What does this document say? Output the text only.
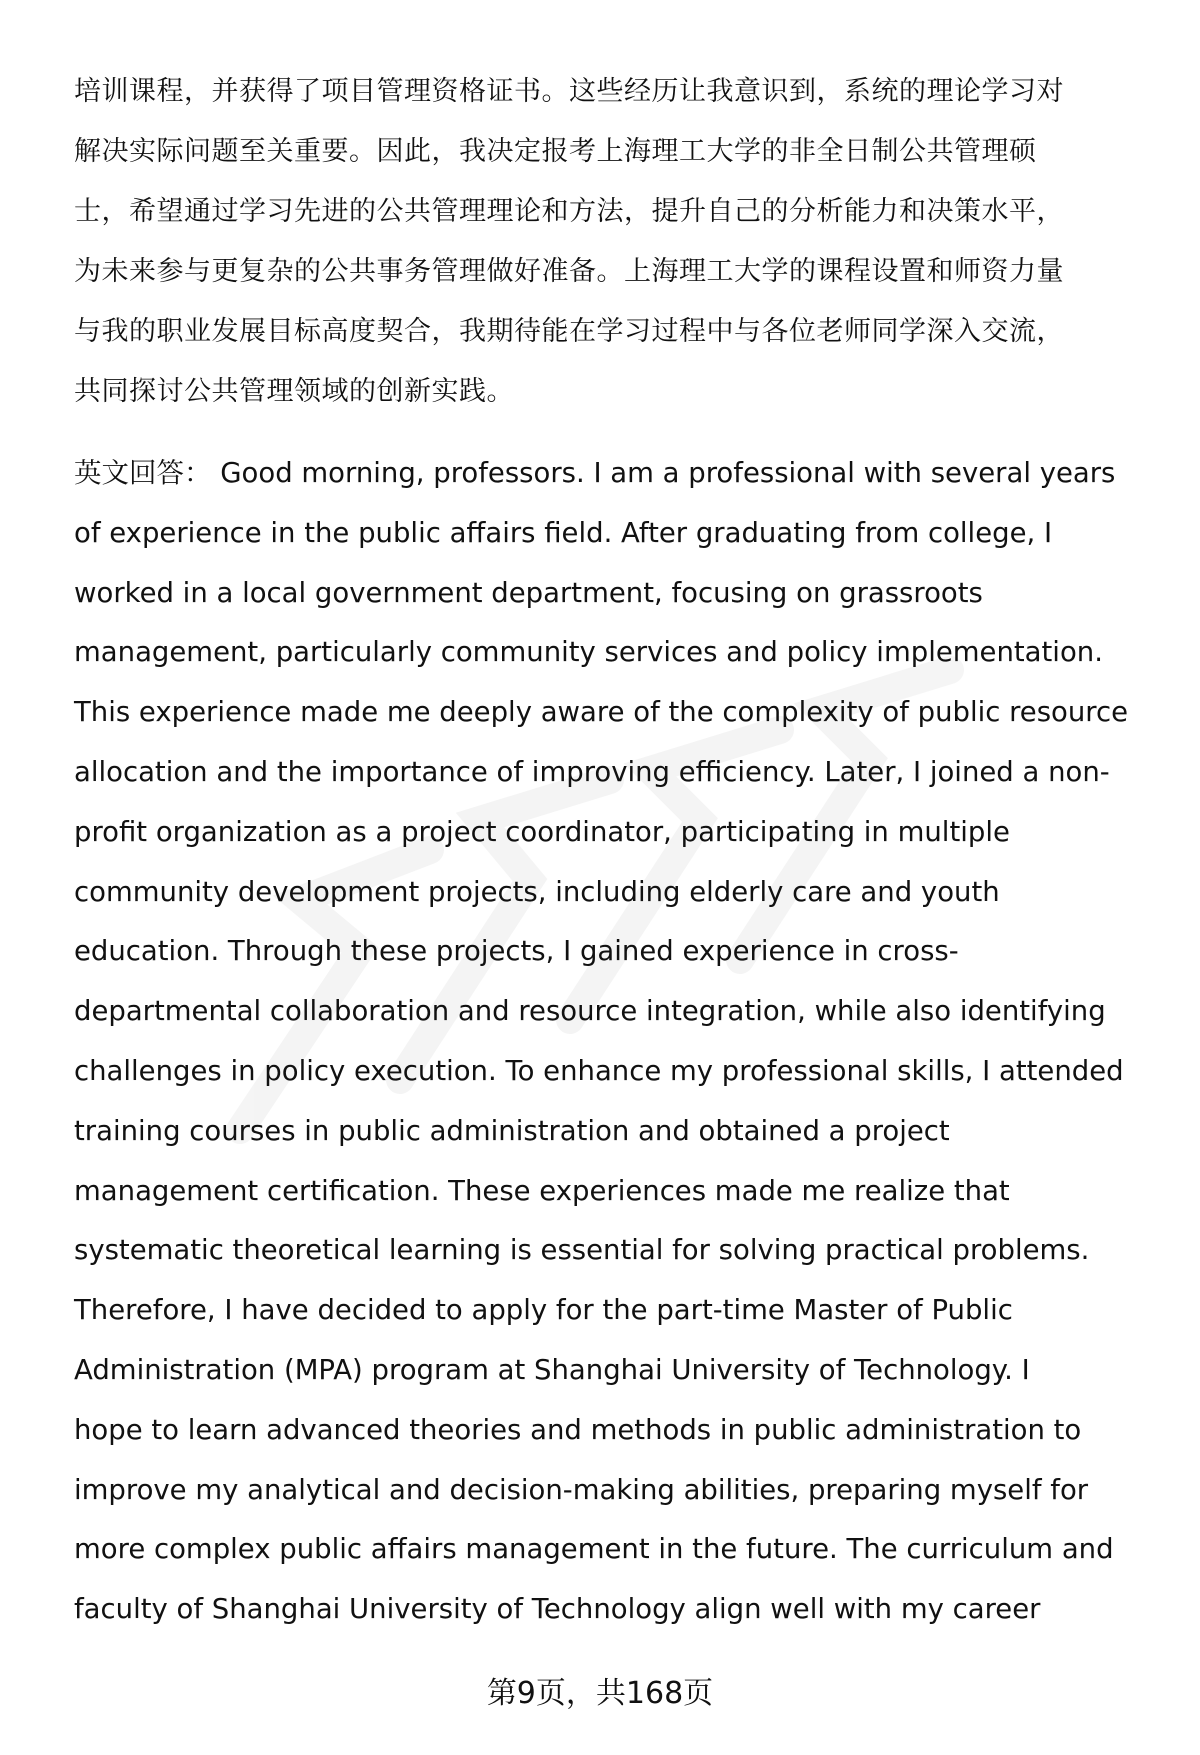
培训课程，并获得了项目管理资格证书。这些经历让我意识到，系统的理论学习对
解决实际问题至关重要。因此，我决定报考上海理工大学的非全日制公共管理硕
士，希望通过学习先进的公共管理理论和方法，提升自己的分析能力和决策水平，
为未来参与更复杂的公共事务管理做好准备。上海理工大学的课程设置和师资力量
与我的职业发展目标高度契合，我期待能在学习过程中与各位老师同学深入交流，
共同探讨公共管理领域的创新实践。

英文回答： Good morning, professors. I am a professional with several years
of experience in the public affairs field. After graduating from college, I
worked in a local government department, focusing on grassroots
management, particularly community services and policy implementation.
This experience made me deeply aware of the complexity of public resource
allocation and the importance of improving efficiency. Later, I joined a non-
profit organization as a project coordinator, participating in multiple
community development projects, including elderly care and youth
education. Through these projects, I gained experience in cross-
departmental collaboration and resource integration, while also identifying
challenges in policy execution. To enhance my professional skills, I attended
training courses in public administration and obtained a project
management certification. These experiences made me realize that
systematic theoretical learning is essential for solving practical problems.
Therefore, I have decided to apply for the part-time Master of Public
Administration (MPA) program at Shanghai University of Technology. I
hope to learn advanced theories and methods in public administration to
improve my analytical and decision-making abilities, preparing myself for
more complex public affairs management in the future. The curriculum and
faculty of Shanghai University of Technology align well with my career

第9页，共168页
